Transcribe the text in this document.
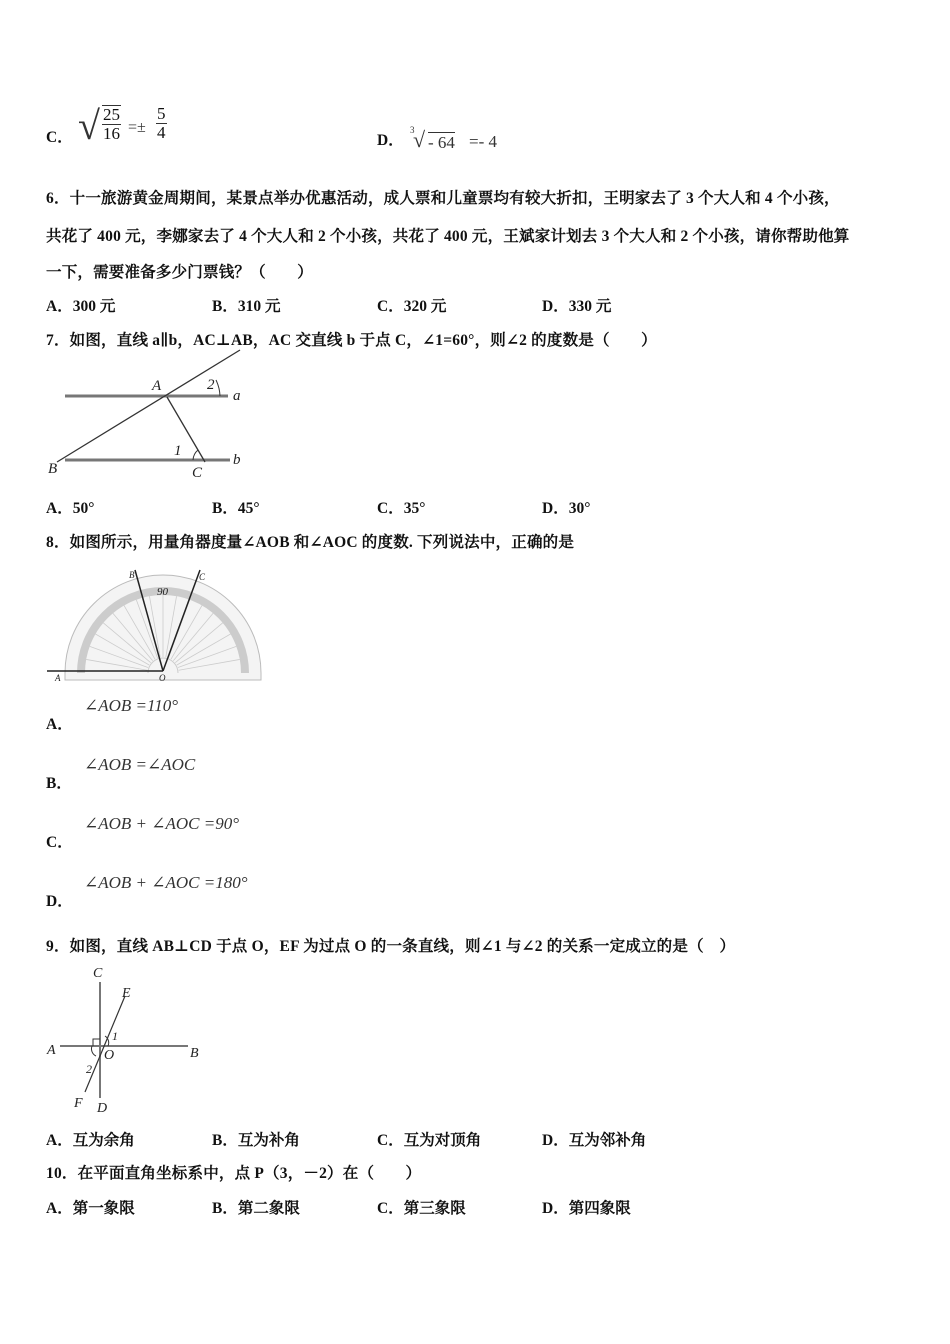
C． √ $\frac{25}{16} =\pm \frac{5}{4}$	D．
3
√ - 64 =- 4
6．十一旅游黄金周期间，某景点举办优惠活动，成人票和儿童票均有较大折扣，王明家去了 3 个大人和 4 个小孩，
共花了 400 元，李娜家去了 4 个大人和 2 个小孩，共花了 400 元，王斌家计划去 3 个大人和 2 个小孩，请你帮助他算
一下，需要准备多少门票钱？（　　）
A．300 元	B．310 元	C．320 元	D．330 元
7．如图，直线 a∥b，AC⊥AB，AC 交直线 b 于点 C，∠1=60°，则∠2 的度数是（　　）
A	2
a
B	C
b
1
A．50°	B．45°	C．35°	D．30°
8．如图所示，用量角器度量∠AOB 和∠AOC 的度数. 下列说法中，正确的是
90
A	O
B	C
A．
∠AOB =110°
B．
∠AOB =∠AOC
C．
∠AOB + ∠AOC =90°
D．
∠AOB + ∠AOC =180°
9．如图，直线 AB⊥CD 于点 O，EF 为过点 O 的一条直线，则∠1 与∠2 的关系一定成立的是（　）
C
E
1
A	O	B
2
F D
A．互为余角	B．互为补角	C．互为对顶角	D．互为邻补角
10．在平面直角坐标系中，点 P（3，－2）在（　　）
A．第一象限	B．第二象限	C．第三象限	D．第四象限
